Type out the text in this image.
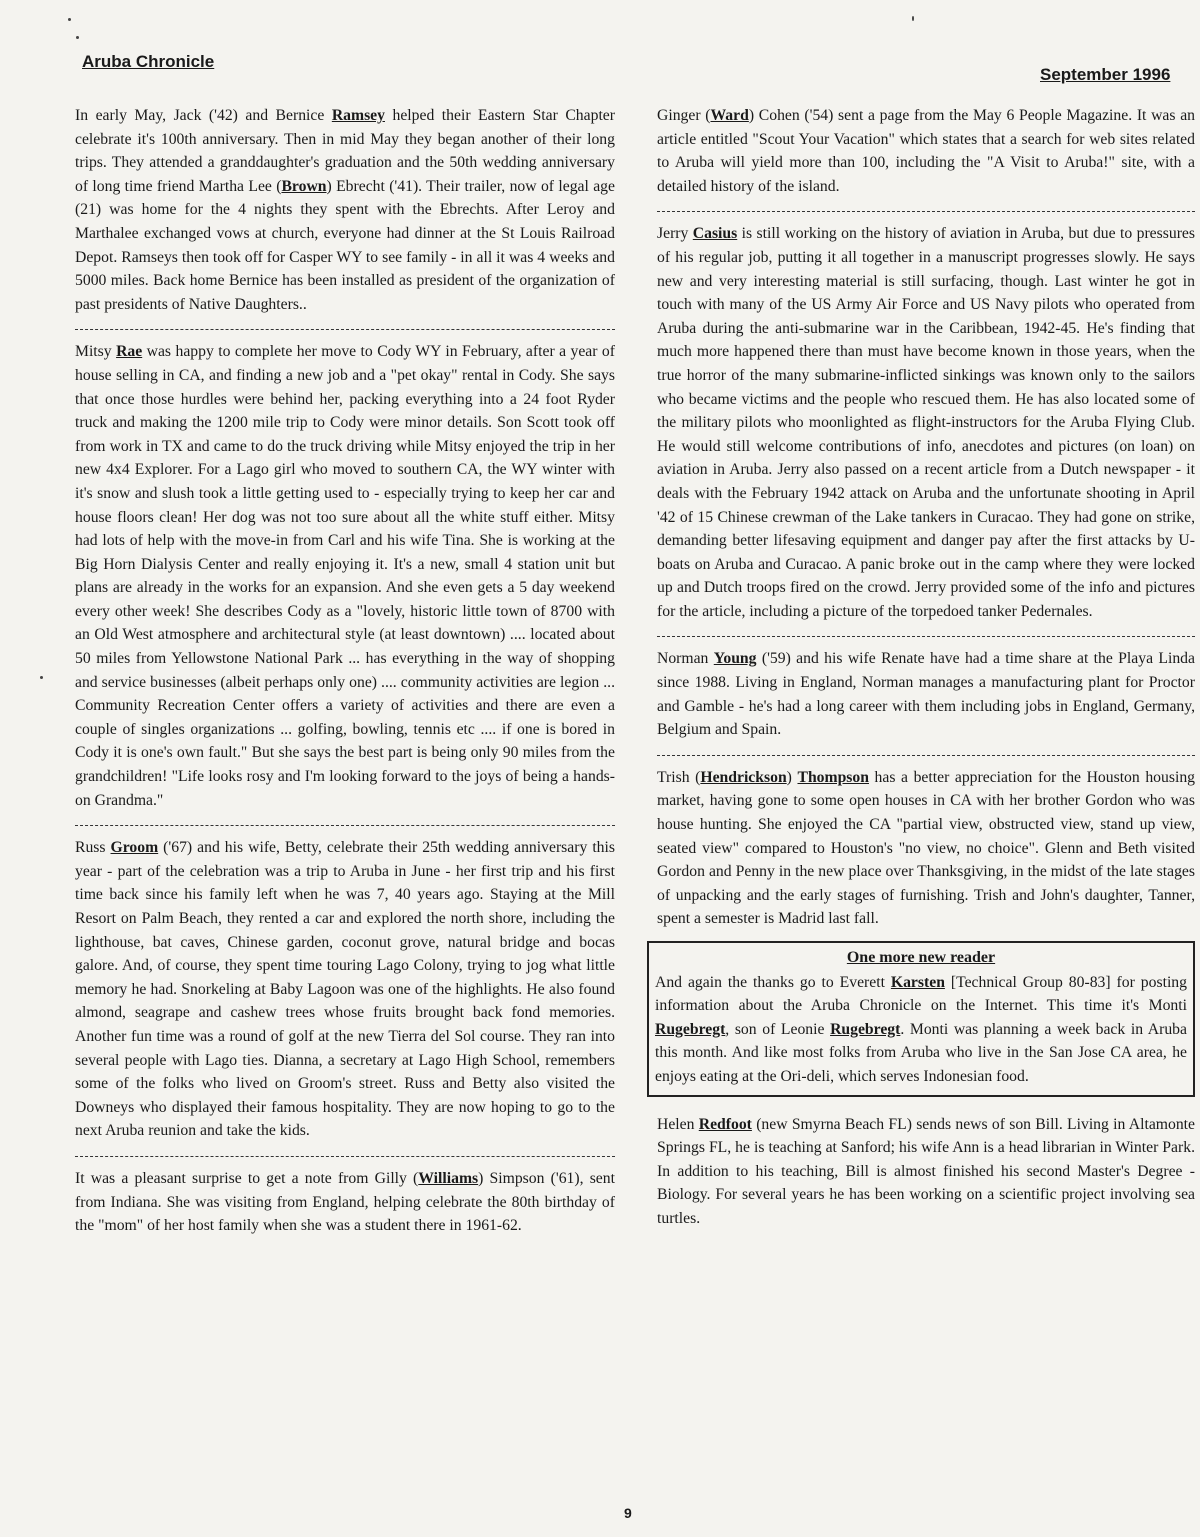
Aruba Chronicle
September 1996

In early May, Jack ('42) and Bernice Ramsey helped their Eastern Star Chapter celebrate it's 100th anniversary. Then in mid May they began another of their long trips. They attended a granddaughter's graduation and the 50th wedding anniversary of long time friend Martha Lee (Brown) Ebrecht ('41). Their trailer, now of legal age (21) was home for the 4 nights they spent with the Ebrechts. After Leroy and Marthalee exchanged vows at church, everyone had dinner at the St Louis Railroad Depot. Ramseys then took off for Casper WY to see family - in all it was 4 weeks and 5000 miles. Back home Bernice has been installed as president of the organization of past presidents of Native Daughters..

Mitsy Rae was happy to complete her move to Cody WY in February, after a year of house selling in CA, and finding a new job and a "pet okay" rental in Cody. She says that once those hurdles were behind her, packing everything into a 24 foot Ryder truck and making the 1200 mile trip to Cody were minor details. Son Scott took off from work in TX and came to do the truck driving while Mitsy enjoyed the trip in her new 4x4 Explorer. For a Lago girl who moved to southern CA, the WY winter with it's snow and slush took a little getting used to - especially trying to keep her car and house floors clean! Her dog was not too sure about all the white stuff either. Mitsy had lots of help with the move-in from Carl and his wife Tina. She is working at the Big Horn Dialysis Center and really enjoying it. It's a new, small 4 station unit but plans are already in the works for an expansion. And she even gets a 5 day weekend every other week! She describes Cody as a "lovely, historic little town of 8700 with an Old West atmosphere and architectural style (at least downtown) .... located about 50 miles from Yellowstone National Park ... has everything in the way of shopping and service businesses (albeit perhaps only one) .... community activities are legion ... Community Recreation Center offers a variety of activities and there are even a couple of singles organizations ... golfing, bowling, tennis etc .... if one is bored in Cody it is one's own fault." But she says the best part is being only 90 miles from the grandchildren! "Life looks rosy and I'm looking forward to the joys of being a hands-on Grandma."

Russ Groom ('67) and his wife, Betty, celebrate their 25th wedding anniversary this year - part of the celebration was a trip to Aruba in June - her first trip and his first time back since his family left when he was 7, 40 years ago. Staying at the Mill Resort on Palm Beach, they rented a car and explored the north shore, including the lighthouse, bat caves, Chinese garden, coconut grove, natural bridge and bocas galore. And, of course, they spent time touring Lago Colony, trying to jog what little memory he had. Snorkeling at Baby Lagoon was one of the highlights. He also found almond, seagrape and cashew trees whose fruits brought back fond memories. Another fun time was a round of golf at the new Tierra del Sol course. They ran into several people with Lago ties. Dianna, a secretary at Lago High School, remembers some of the folks who lived on Groom's street. Russ and Betty also visited the Downeys who displayed their famous hospitality. They are now hoping to go to the next Aruba reunion and take the kids.

It was a pleasant surprise to get a note from Gilly (Williams) Simpson ('61), sent from Indiana. She was visiting from England, helping celebrate the 80th birthday of the "mom" of her host family when she was a student there in 1961-62.

Ginger (Ward) Cohen ('54) sent a page from the May 6 People Magazine. It was an article entitled "Scout Your Vacation" which states that a search for web sites related to Aruba will yield more than 100, including the "A Visit to Aruba!" site, with a detailed history of the island.

Jerry Casius is still working on the history of aviation in Aruba, but due to pressures of his regular job, putting it all together in a manuscript progresses slowly. He says new and very interesting material is still surfacing, though. Last winter he got in touch with many of the US Army Air Force and US Navy pilots who operated from Aruba during the anti-submarine war in the Caribbean, 1942-45. He's finding that much more happened there than must have become known in those years, when the true horror of the many submarine-inflicted sinkings was known only to the sailors who became victims and the people who rescued them. He has also located some of the military pilots who moonlighted as flight-instructors for the Aruba Flying Club. He would still welcome contributions of info, anecdotes and pictures (on loan) on aviation in Aruba. Jerry also passed on a recent article from a Dutch newspaper - it deals with the February 1942 attack on Aruba and the unfortunate shooting in April '42 of 15 Chinese crewman of the Lake tankers in Curacao. They had gone on strike, demanding better lifesaving equipment and danger pay after the first attacks by U-boats on Aruba and Curacao. A panic broke out in the camp where they were locked up and Dutch troops fired on the crowd. Jerry provided some of the info and pictures for the article, including a picture of the torpedoed tanker Pedernales.

Norman Young ('59) and his wife Renate have had a time share at the Playa Linda since 1988. Living in England, Norman manages a manufacturing plant for Proctor and Gamble - he's had a long career with them including jobs in England, Germany, Belgium and Spain.

Trish (Hendrickson) Thompson has a better appreciation for the Houston housing market, having gone to some open houses in CA with her brother Gordon who was house hunting. She enjoyed the CA "partial view, obstructed view, stand up view, seated view" compared to Houston's "no view, no choice". Glenn and Beth visited Gordon and Penny in the new place over Thanksgiving, in the midst of the late stages of unpacking and the early stages of furnishing. Trish and John's daughter, Tanner, spent a semester is Madrid last fall.

One more new reader

And again the thanks go to Everett Karsten [Technical Group 80-83] for posting information about the Aruba Chronicle on the Internet. This time it's Monti Rugebregt, son of Leonie Rugebregt. Monti was planning a week back in Aruba this month. And like most folks from Aruba who live in the San Jose CA area, he enjoys eating at the Ori-deli, which serves Indonesian food.

Helen Redfoot (new Smyrna Beach FL) sends news of son Bill. Living in Altamonte Springs FL, he is teaching at Sanford; his wife Ann is a head librarian in Winter Park. In addition to his teaching, Bill is almost finished his second Master's Degree - Biology. For several years he has been working on a scientific project involving sea turtles.

9
